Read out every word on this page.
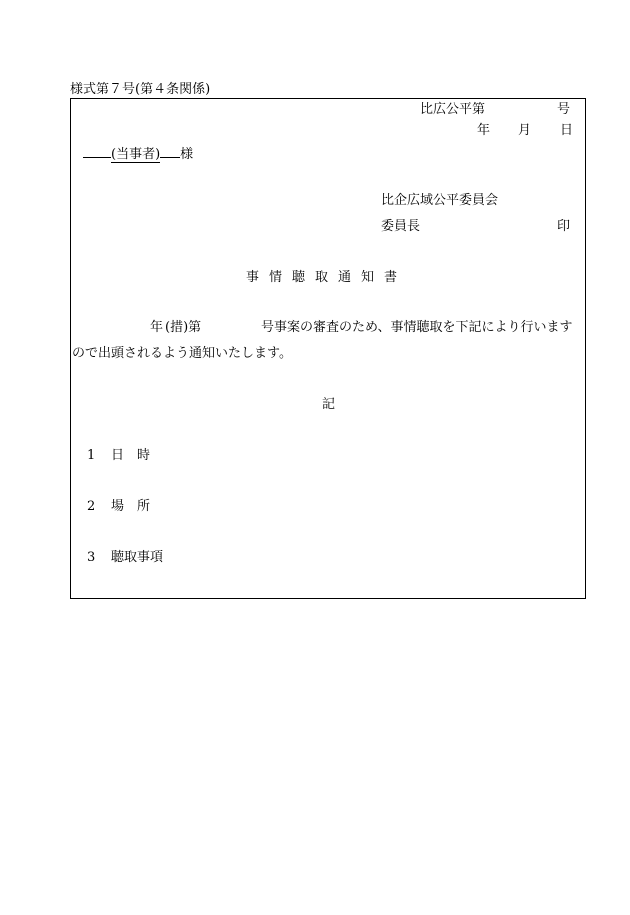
様式第７号(第４条関係)
比広公平第	号
年 月 日
(当事者) 様
比企広域公平委員会
委員長	印
事情聴取通知書
年 (措)第	号事案の審査のため、事情聴取を下記により行います
ので出頭されるよう通知いたします。
記
1 日　時
2 場　所
3 聴取事項
